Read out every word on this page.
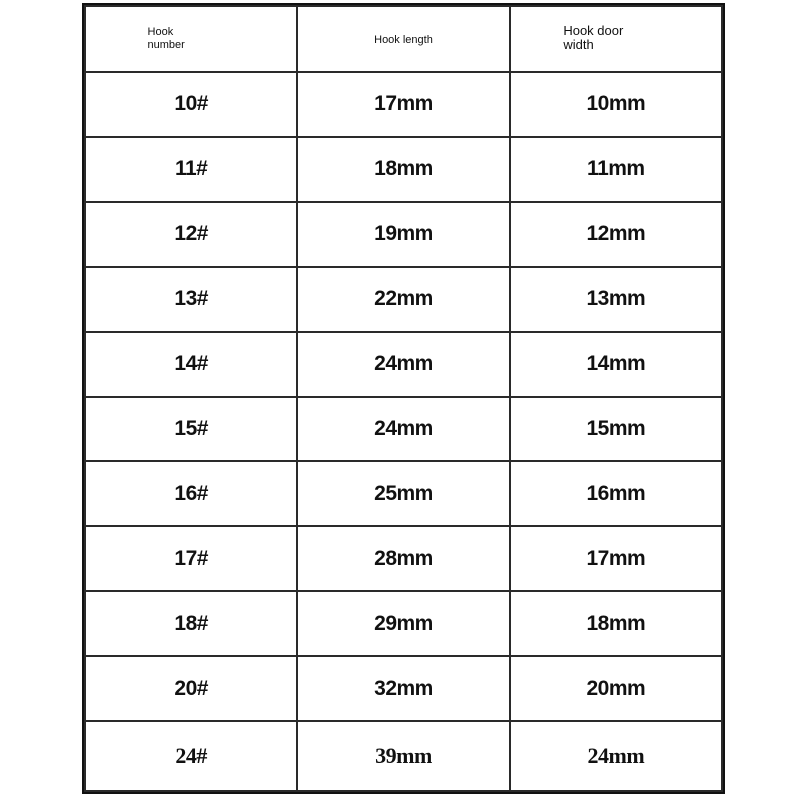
Hook
number	Hook length	Hook door
width
10#	17mm	10mm
11#	18mm	11mm
12#	19mm	12mm
13#	22mm	13mm
14#	24mm	14mm
15#	24mm	15mm
16#	25mm	16mm
17#	28mm	17mm
18#	29mm	18mm
20#	32mm	20mm
24#	39mm	24mm
